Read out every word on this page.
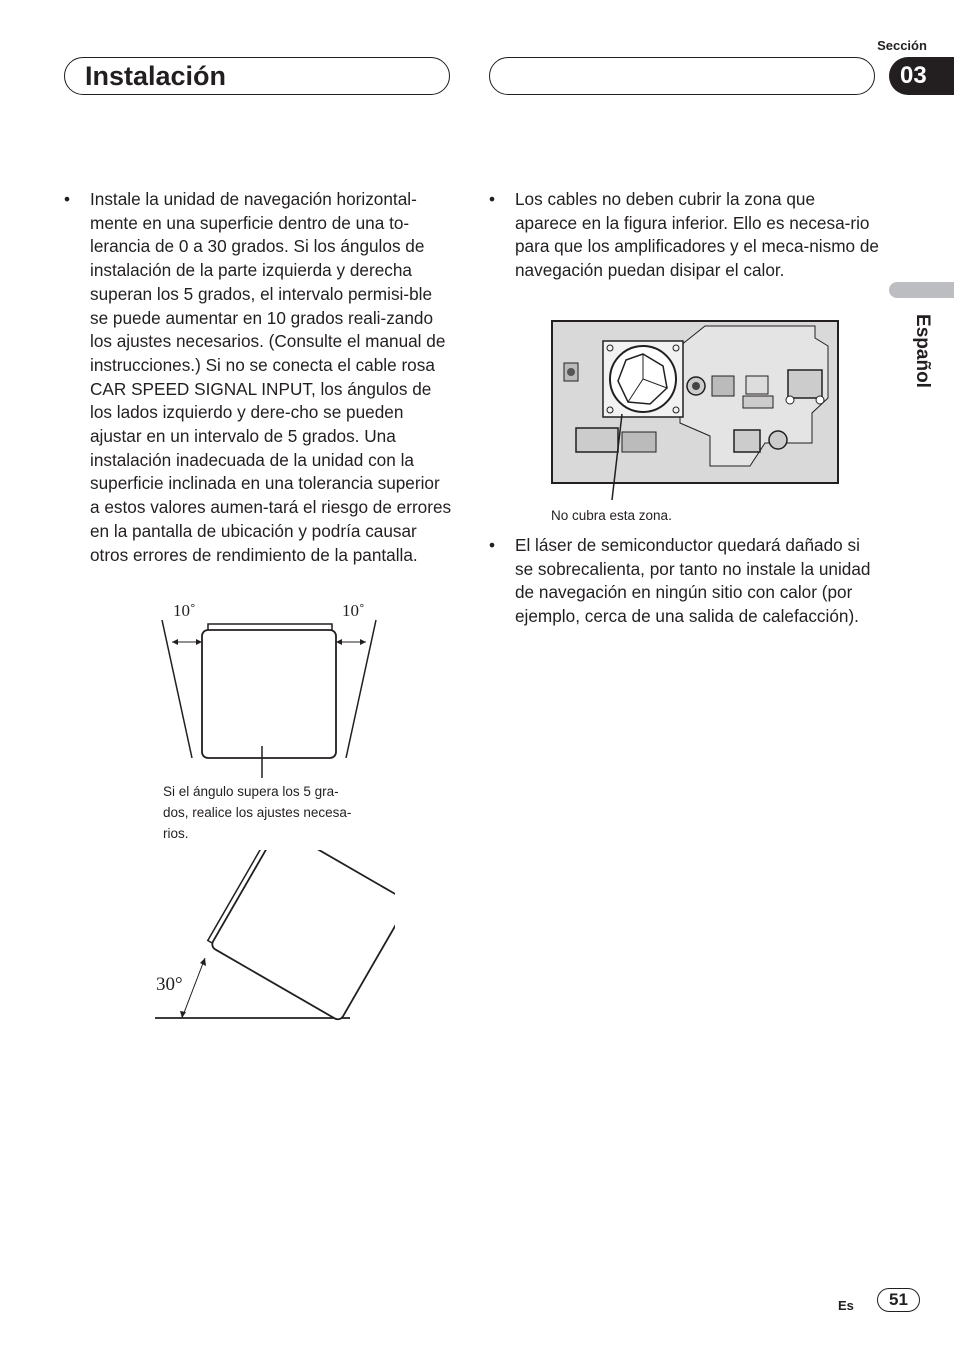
Sección
Instalación	03
Español
• Instale la unidad de navegación horizontal-mente en una superficie dentro de una to-lerancia de 0 a 30 grados. Si los ángulos de instalación de la parte izquierda y derecha superan los 5 grados, el intervalo permisi-ble se puede aumentar en 10 grados reali-zando los ajustes necesarios. (Consulte el manual de instrucciones.) Si no se conecta el cable rosa CAR SPEED SIGNAL INPUT, los ángulos de los lados izquierdo y dere-cho se pueden ajustar en un intervalo de 5 grados. Una instalación inadecuada de la unidad con la superficie inclinada en una tolerancia superior a estos valores aumen-tará el riesgo de errores en la pantalla de ubicación y podría causar otros errores de rendimiento de la pantalla.
10˚	10˚
Si el ángulo supera los 5 gra-
dos, realice los ajustes necesa-
rios.
30°
• Los cables no deben cubrir la zona que aparece en la figura inferior. Ello es necesa-rio para que los amplificadores y el meca-nismo de navegación puedan disipar el calor.
No cubra esta zona.
• El láser de semiconductor quedará dañado si se sobrecalienta, por tanto no instale la unidad de navegación en ningún sitio con calor (por ejemplo, cerca de una salida de calefacción).
Es	51
